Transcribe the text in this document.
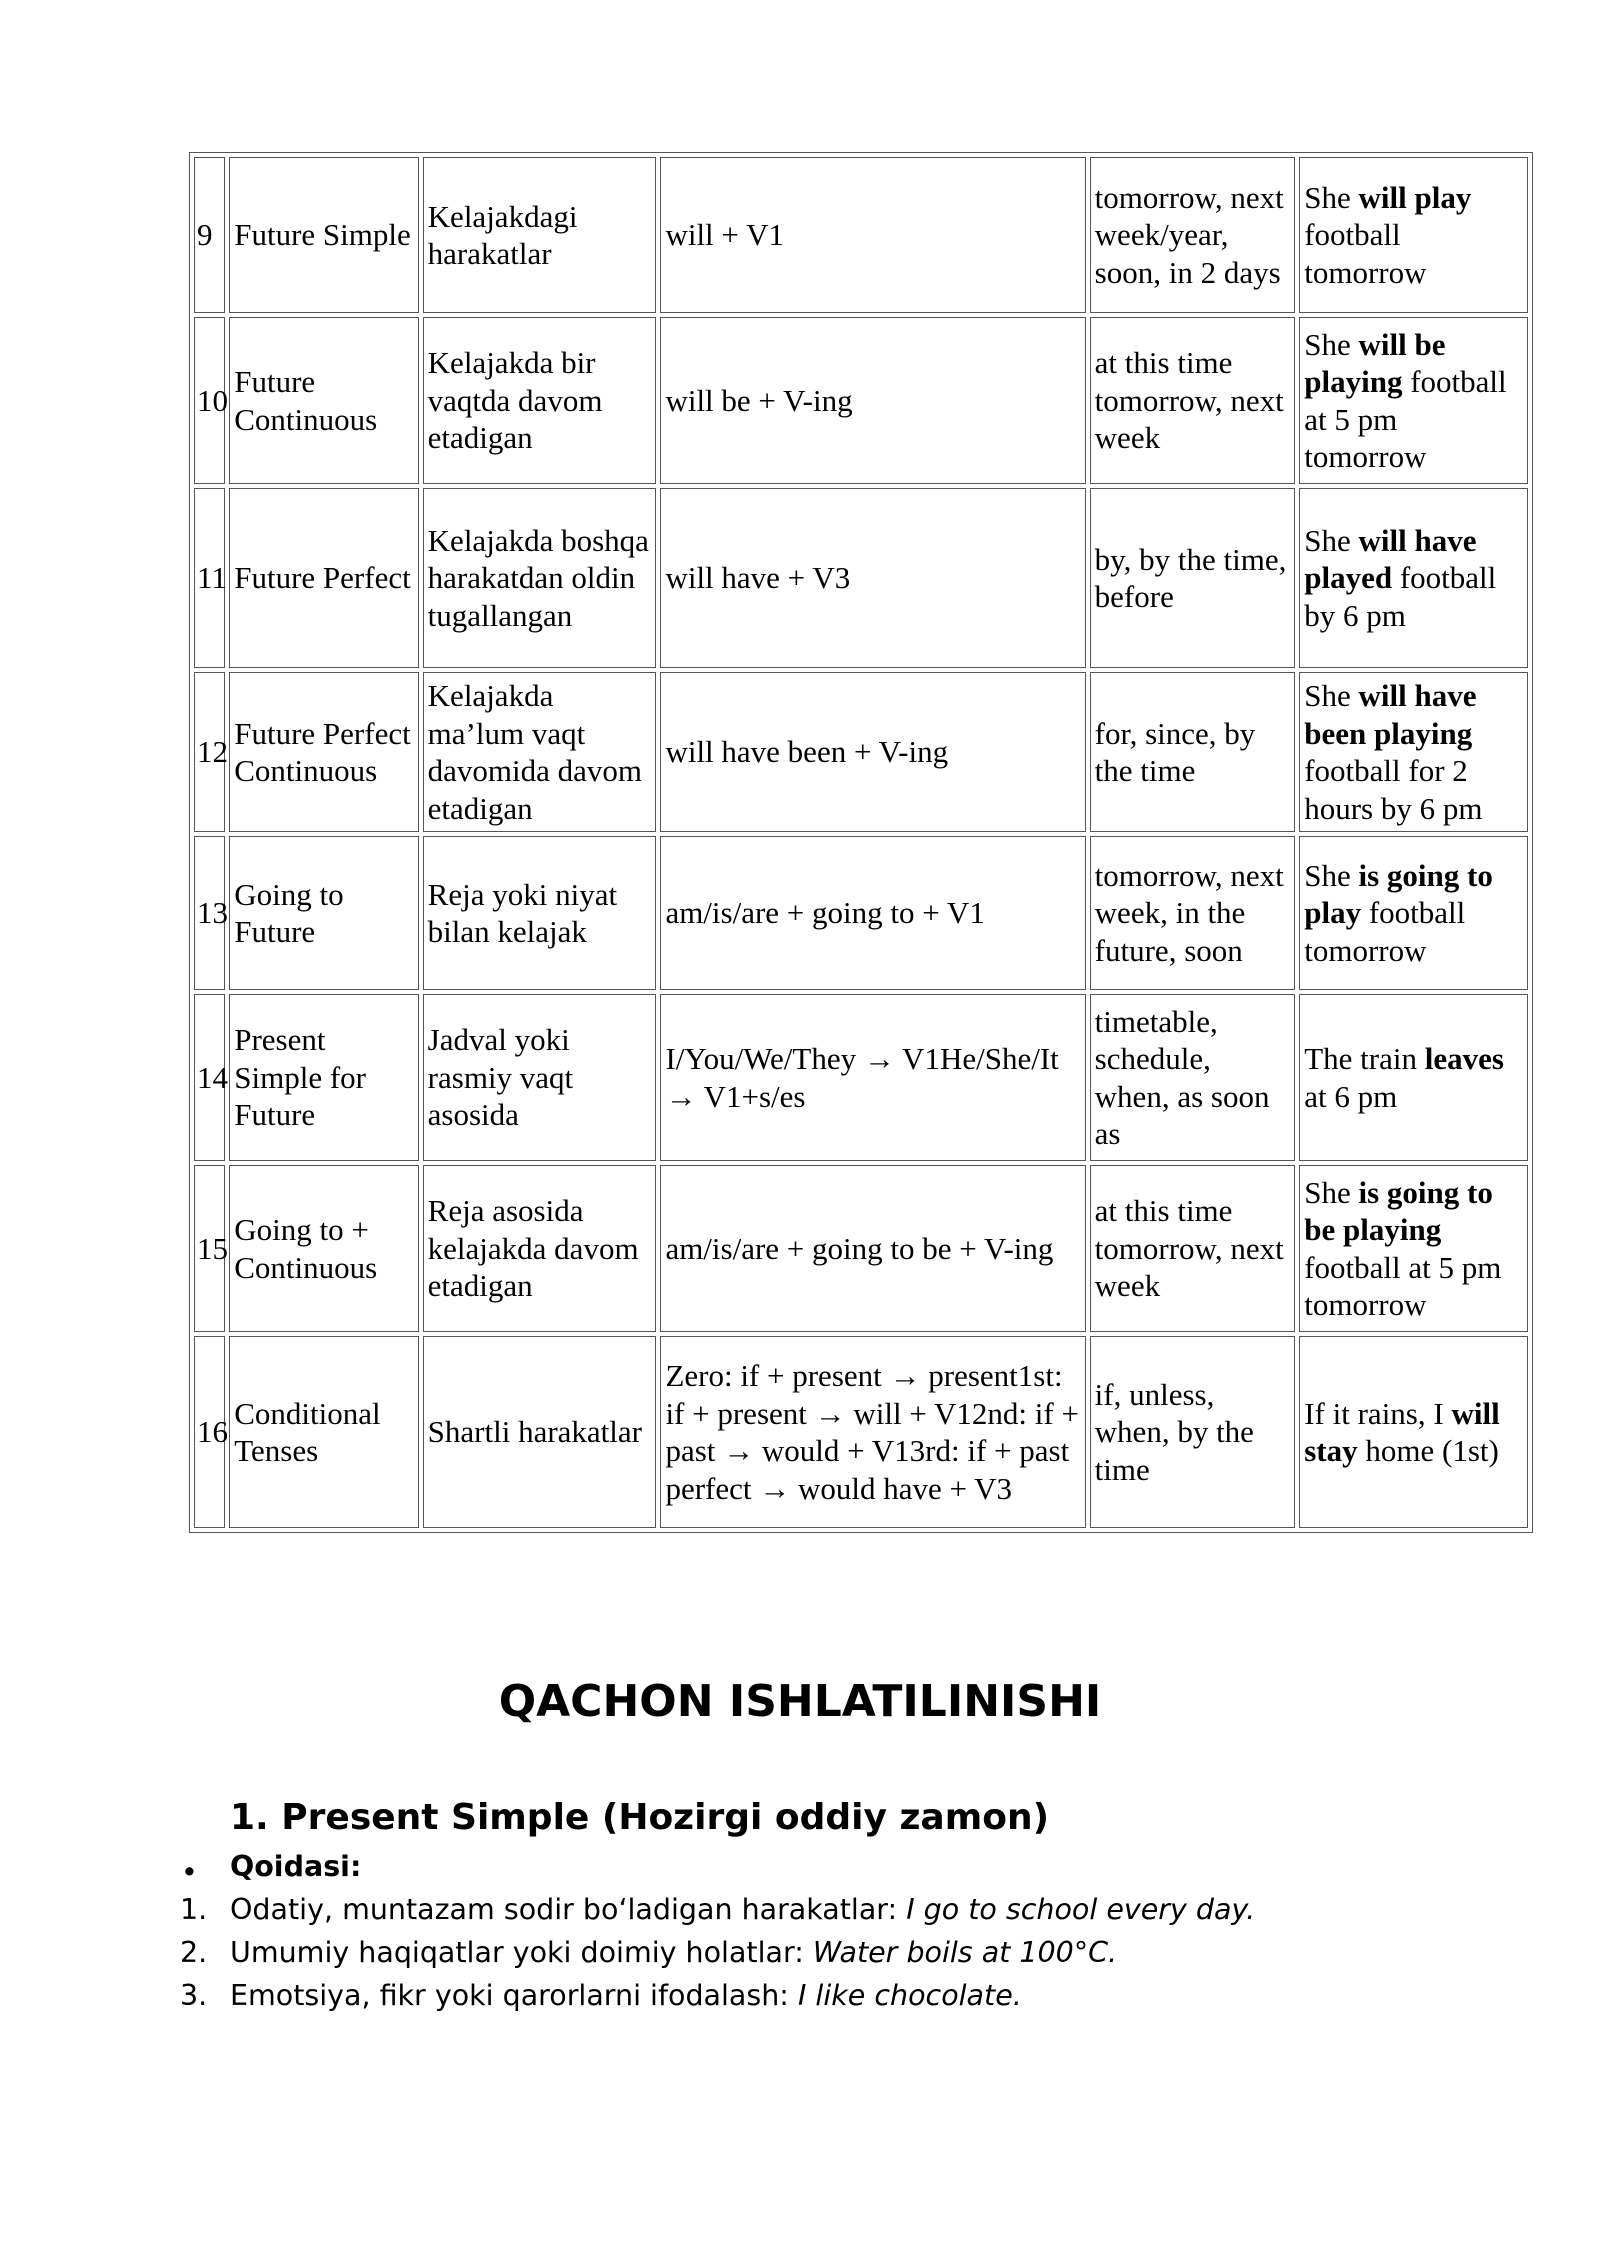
9	Future Simple	Kelajakdagi harakatlar	will + V1	tomorrow, next week/year, soon, in 2 days	She will play football tomorrow
10	Future Continuous	Kelajakda bir vaqtda davom etadigan	will be + V-ing	at this time tomorrow, next week	She will be playing football at 5 pm tomorrow
11	Future Perfect	Kelajakda boshqa harakatdan oldin tugallangan	will have + V3	by, by the time, before	She will have played football by 6 pm
12	Future Perfect Continuous	Kelajakda ma’lum vaqt davomida davom etadigan	will have been + V-ing	for, since, by the time	She will have been playing football for 2 hours by 6 pm
13	Going to Future	Reja yoki niyat bilan kelajak	am/is/are + going to + V1	tomorrow, next week, in the future, soon	She is going to play football tomorrow
14	Present Simple for Future	Jadval yoki rasmiy vaqt asosida	I/You/We/They → V1He/She/It → V1+s/es	timetable, schedule, when, as soon as	The train leaves at 6 pm
15	Going to + Continuous	Reja asosida kelajakda davom etadigan	am/is/are + going to be + V-ing	at this time tomorrow, next week	She is going to be playing football at 5 pm tomorrow
16	Conditional Tenses	Shartli harakatlar	Zero: if + present → present1st: if + present → will + V12nd: if + past → would + V13rd: if + past perfect → would have + V3	if, unless, when, by the time	If it rains, I will stay home (1st)
QACHON ISHLATILINISHI
1. Present Simple (Hozirgi oddiy zamon)
• Qoidasi:

1. Odatiy, muntazam sodir bo‘ladigan harakatlar: I go to school every day.

2. Umumiy haqiqatlar yoki doimiy holatlar: Water boils at 100°C.

3. Emotsiya, fikr yoki qarorlarni ifodalash: I like chocolate.
